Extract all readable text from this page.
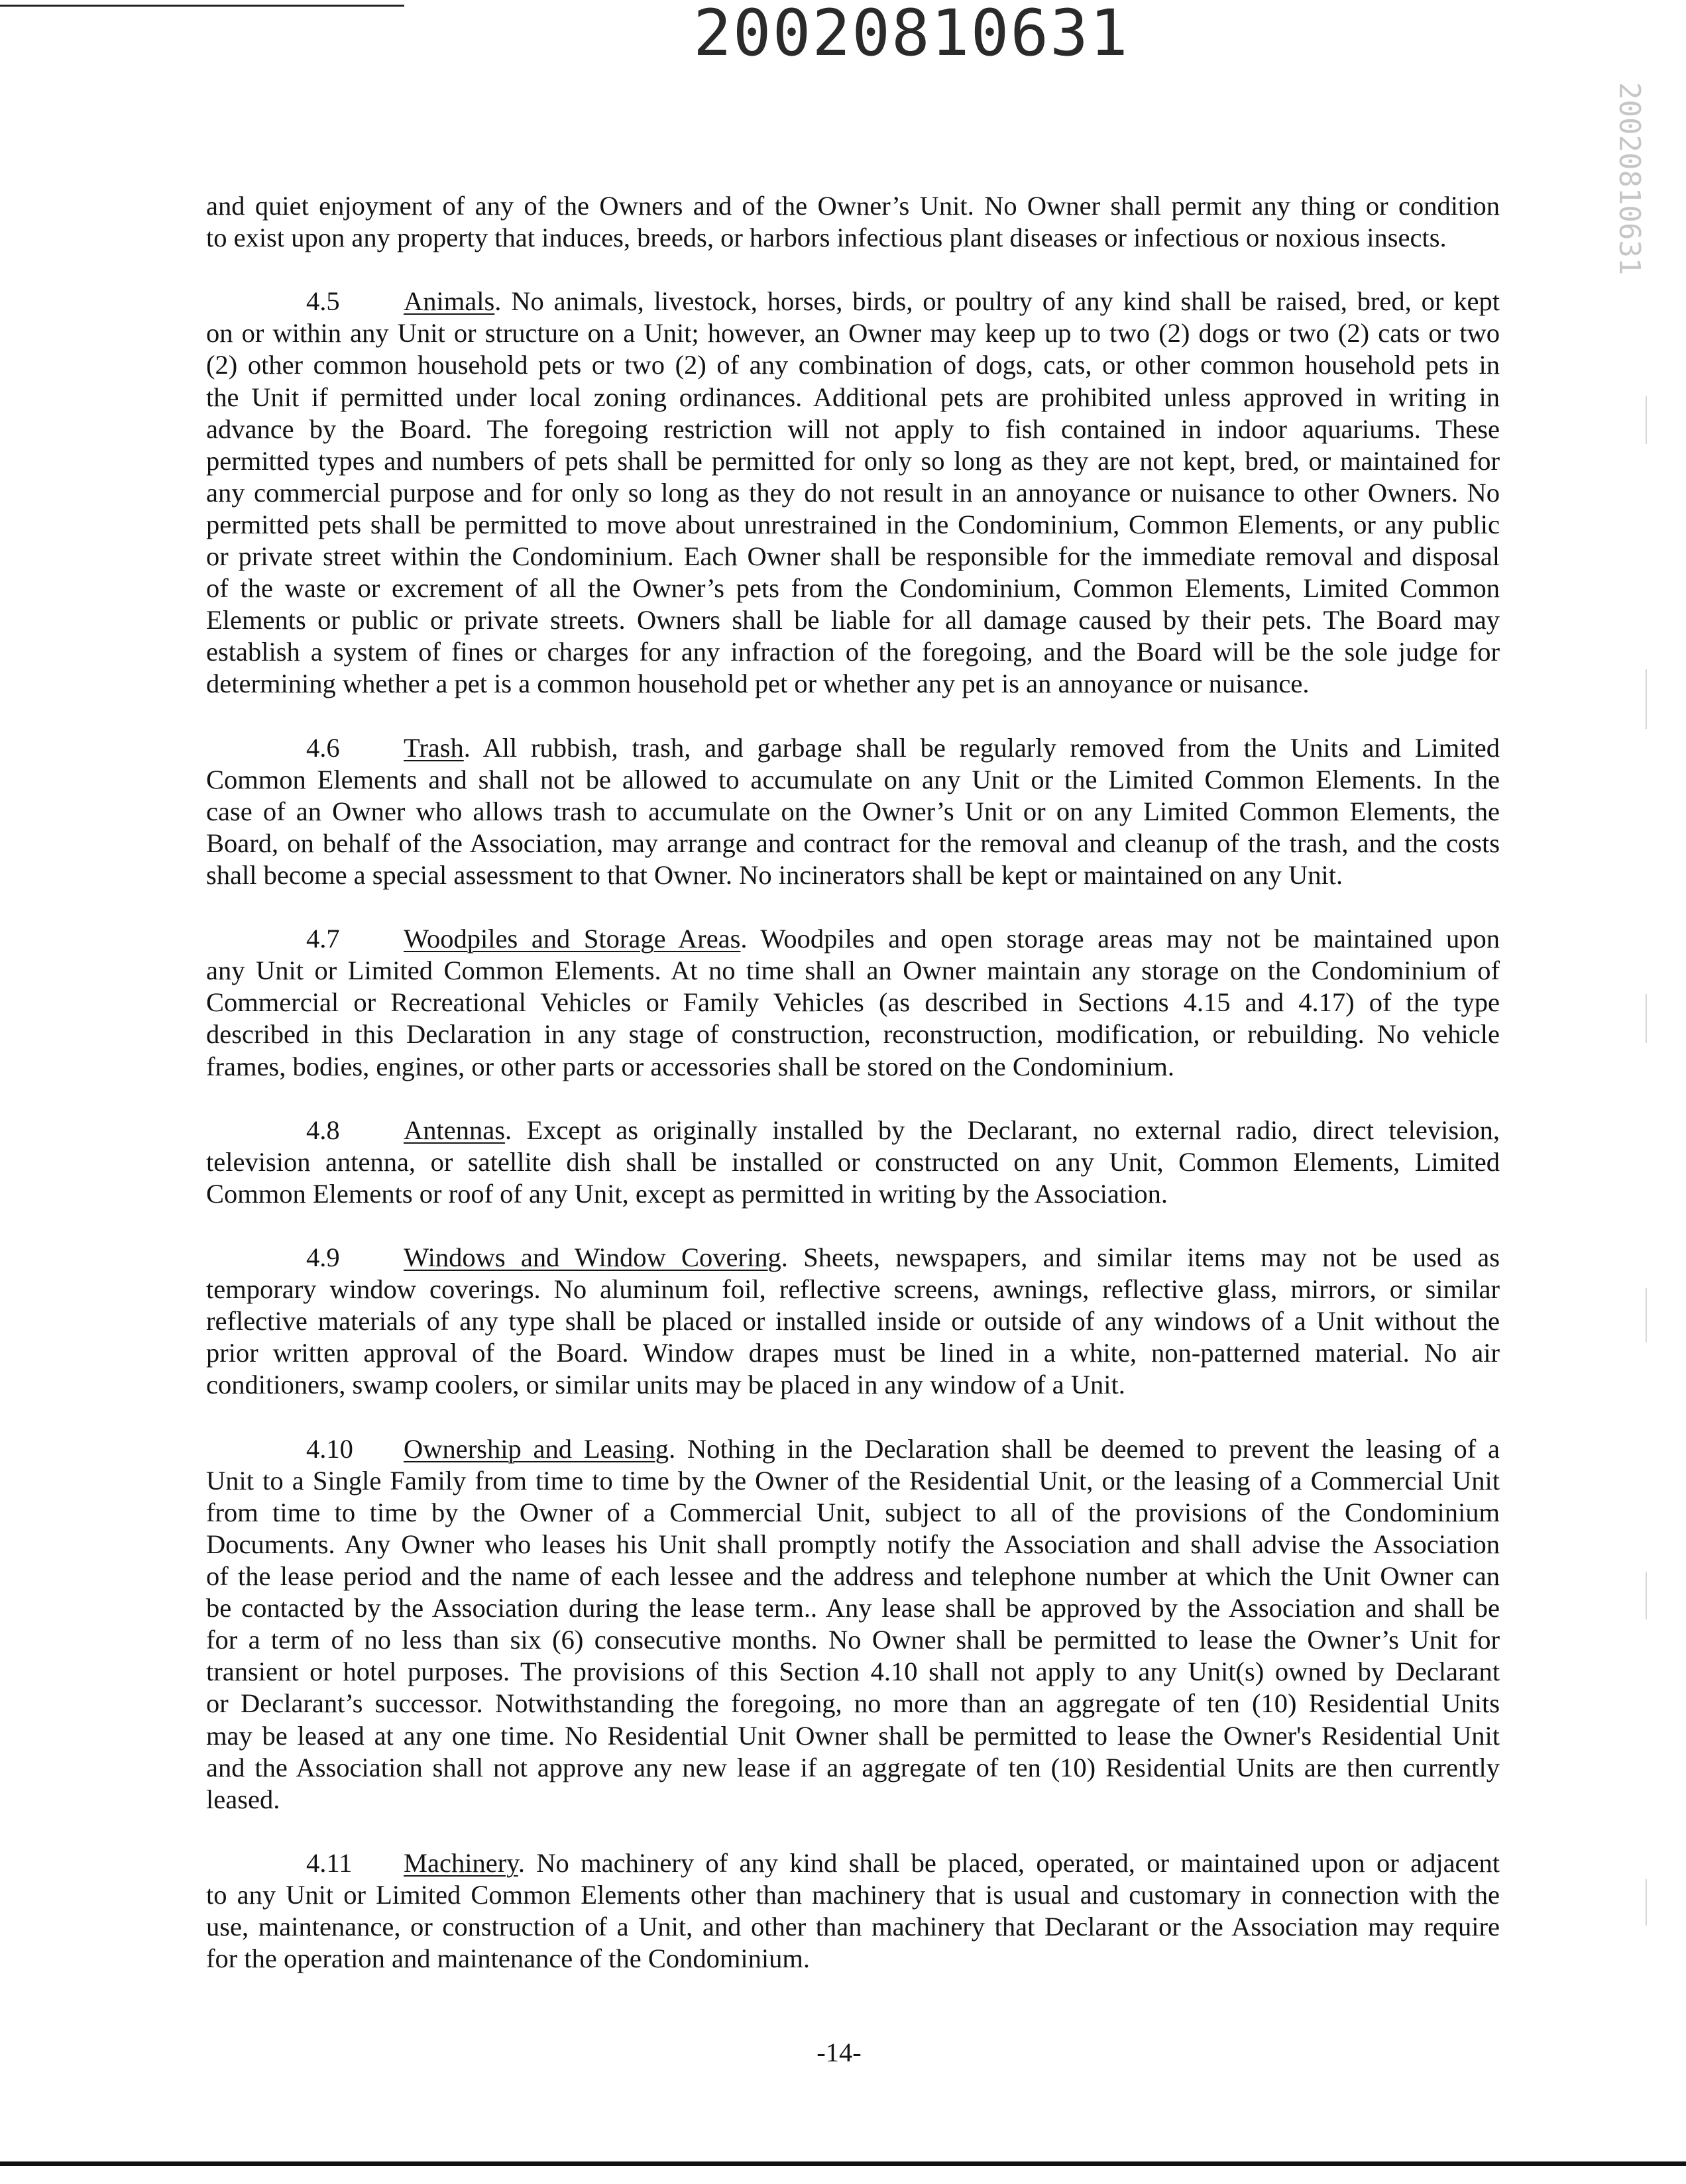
20020810631
20020810631
and quiet enjoyment of any of the Owners and of the Owner’s Unit. No Owner shall permit any thing or condition
to exist upon any property that induces, breeds, or harbors infectious plant diseases or infectious or noxious insects.
4.5 Animals. No animals, livestock, horses, birds, or poultry of any kind shall be raised, bred, or kept
on or within any Unit or structure on a Unit; however, an Owner may keep up to two (2) dogs or two (2) cats or two
(2) other common household pets or two (2) of any combination of dogs, cats, or other common household pets in
the Unit if permitted under local zoning ordinances. Additional pets are prohibited unless approved in writing in
advance by the Board. The foregoing restriction will not apply to fish contained in indoor aquariums. These
permitted types and numbers of pets shall be permitted for only so long as they are not kept, bred, or maintained for
any commercial purpose and for only so long as they do not result in an annoyance or nuisance to other Owners. No
permitted pets shall be permitted to move about unrestrained in the Condominium, Common Elements, or any public
or private street within the Condominium. Each Owner shall be responsible for the immediate removal and disposal
of the waste or excrement of all the Owner’s pets from the Condominium, Common Elements, Limited Common
Elements or public or private streets. Owners shall be liable for all damage caused by their pets. The Board may
establish a system of fines or charges for any infraction of the foregoing, and the Board will be the sole judge for
determining whether a pet is a common household pet or whether any pet is an annoyance or nuisance.
4.6 Trash. All rubbish, trash, and garbage shall be regularly removed from the Units and Limited
Common Elements and shall not be allowed to accumulate on any Unit or the Limited Common Elements. In the
case of an Owner who allows trash to accumulate on the Owner’s Unit or on any Limited Common Elements, the
Board, on behalf of the Association, may arrange and contract for the removal and cleanup of the trash, and the costs
shall become a special assessment to that Owner. No incinerators shall be kept or maintained on any Unit.
4.7 Woodpiles and Storage Areas. Woodpiles and open storage areas may not be maintained upon
any Unit or Limited Common Elements. At no time shall an Owner maintain any storage on the Condominium of
Commercial or Recreational Vehicles or Family Vehicles (as described in Sections 4.15 and 4.17) of the type
described in this Declaration in any stage of construction, reconstruction, modification, or rebuilding. No vehicle
frames, bodies, engines, or other parts or accessories shall be stored on the Condominium.
4.8 Antennas. Except as originally installed by the Declarant, no external radio, direct television,
television antenna, or satellite dish shall be installed or constructed on any Unit, Common Elements, Limited
Common Elements or roof of any Unit, except as permitted in writing by the Association.
4.9 Windows and Window Covering. Sheets, newspapers, and similar items may not be used as
temporary window coverings. No aluminum foil, reflective screens, awnings, reflective glass, mirrors, or similar
reflective materials of any type shall be placed or installed inside or outside of any windows of a Unit without the
prior written approval of the Board. Window drapes must be lined in a white, non-patterned material. No air
conditioners, swamp coolers, or similar units may be placed in any window of a Unit.
4.10 Ownership and Leasing. Nothing in the Declaration shall be deemed to prevent the leasing of a
Unit to a Single Family from time to time by the Owner of the Residential Unit, or the leasing of a Commercial Unit
from time to time by the Owner of a Commercial Unit, subject to all of the provisions of the Condominium
Documents. Any Owner who leases his Unit shall promptly notify the Association and shall advise the Association
of the lease period and the name of each lessee and the address and telephone number at which the Unit Owner can
be contacted by the Association during the lease term.. Any lease shall be approved by the Association and shall be
for a term of no less than six (6) consecutive months. No Owner shall be permitted to lease the Owner’s Unit for
transient or hotel purposes. The provisions of this Section 4.10 shall not apply to any Unit(s) owned by Declarant
or Declarant’s successor. Notwithstanding the foregoing, no more than an aggregate of ten (10) Residential Units
may be leased at any one time. No Residential Unit Owner shall be permitted to lease the Owner's Residential Unit
and the Association shall not approve any new lease if an aggregate of ten (10) Residential Units are then currently
leased.
4.11 Machinery. No machinery of any kind shall be placed, operated, or maintained upon or adjacent
to any Unit or Limited Common Elements other than machinery that is usual and customary in connection with the
use, maintenance, or construction of a Unit, and other than machinery that Declarant or the Association may require
for the operation and maintenance of the Condominium.
-14-
